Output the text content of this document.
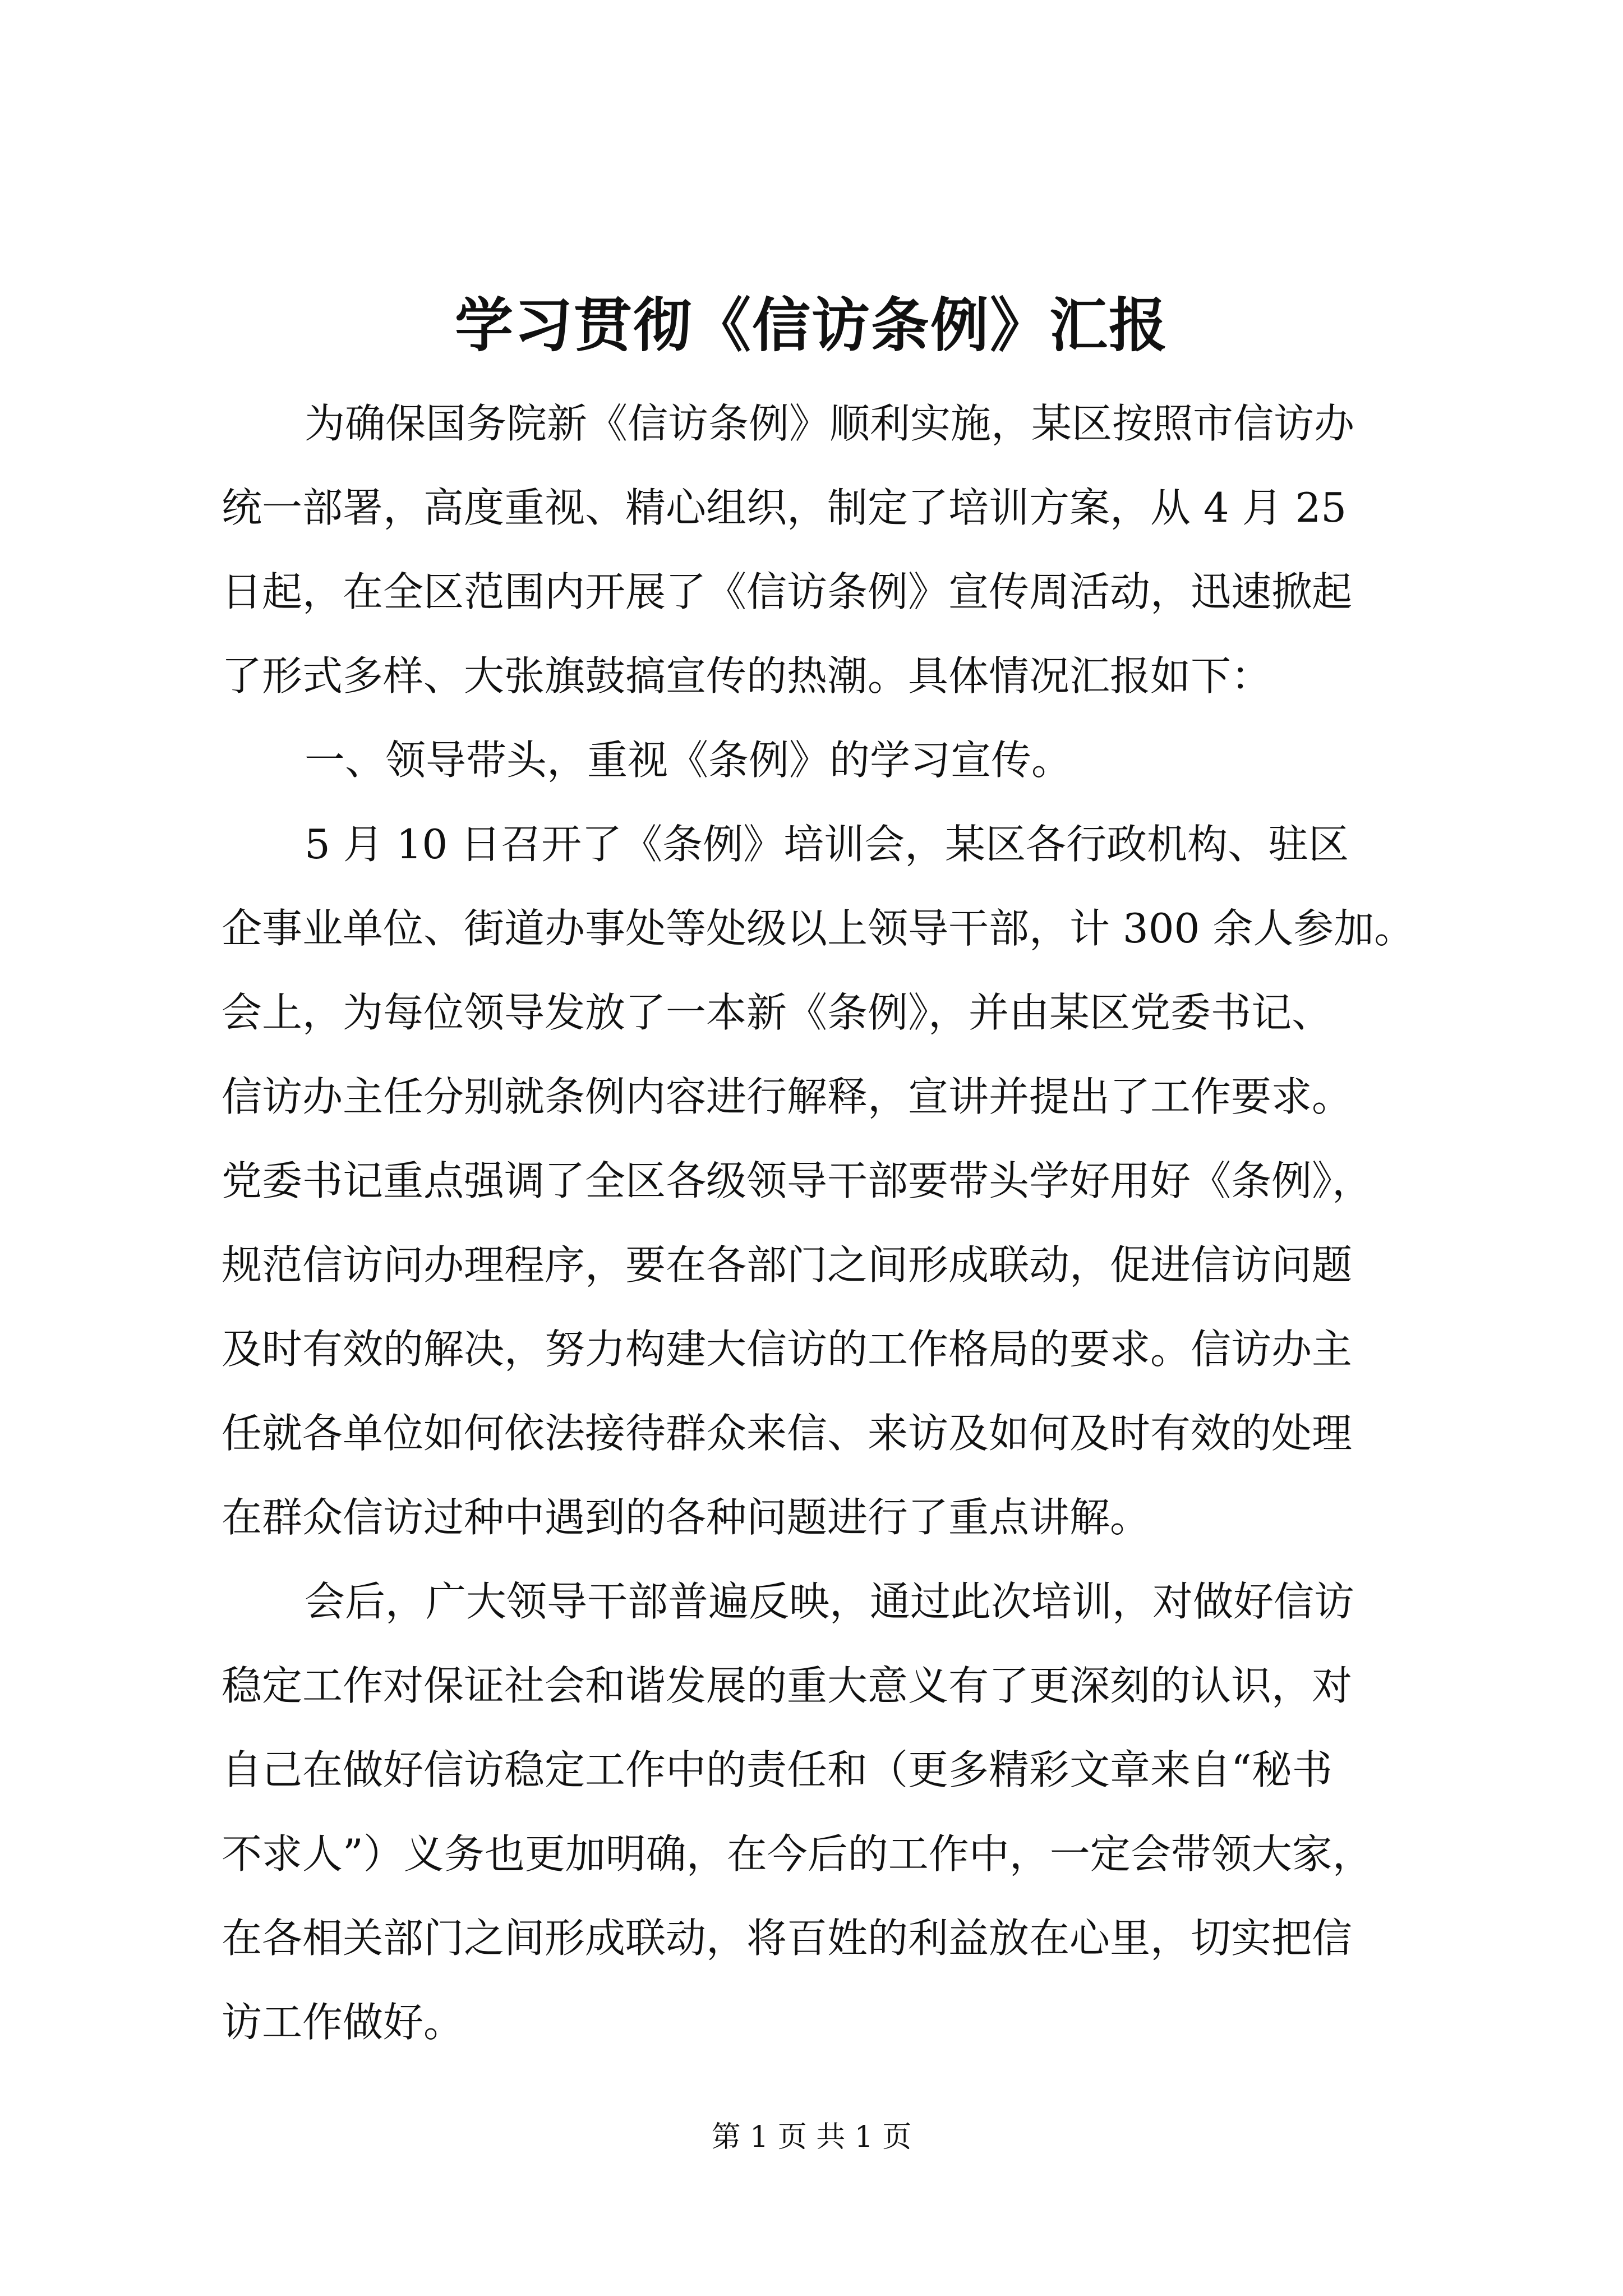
学习贯彻《信访条例》汇报

为确保国务院新《信访条例》顺利实施，某区按照市信访办
统一部署，高度重视、精心组织，制定了培训方案，从 4 月 25
日起，在全区范围内开展了《信访条例》宣传周活动，迅速掀起
了形式多样、大张旗鼓搞宣传的热潮。具体情况汇报如下：

一、领导带头，重视《条例》的学习宣传。

5 月 10 日召开了《条例》培训会，某区各行政机构、驻区
企事业单位、街道办事处等处级以上领导干部，计 300 余人参加。
会上，为每位领导发放了一本新《条例》，并由某区党委书记、
信访办主任分别就条例内容进行解释，宣讲并提出了工作要求。
党委书记重点强调了全区各级领导干部要带头学好用好《条例》，
规范信访问办理程序，要在各部门之间形成联动，促进信访问题
及时有效的解决，努力构建大信访的工作格局的要求。信访办主
任就各单位如何依法接待群众来信、来访及如何及时有效的处理
在群众信访过种中遇到的各种问题进行了重点讲解。

会后，广大领导干部普遍反映，通过此次培训，对做好信访
稳定工作对保证社会和谐发展的重大意义有了更深刻的认识，对
自己在做好信访稳定工作中的责任和（更多精彩文章来自“秘书
不求人”）义务也更加明确，在今后的工作中，一定会带领大家，
在各相关部门之间形成联动，将百姓的利益放在心里，切实把信
访工作做好。

第 1 页 共 1 页
